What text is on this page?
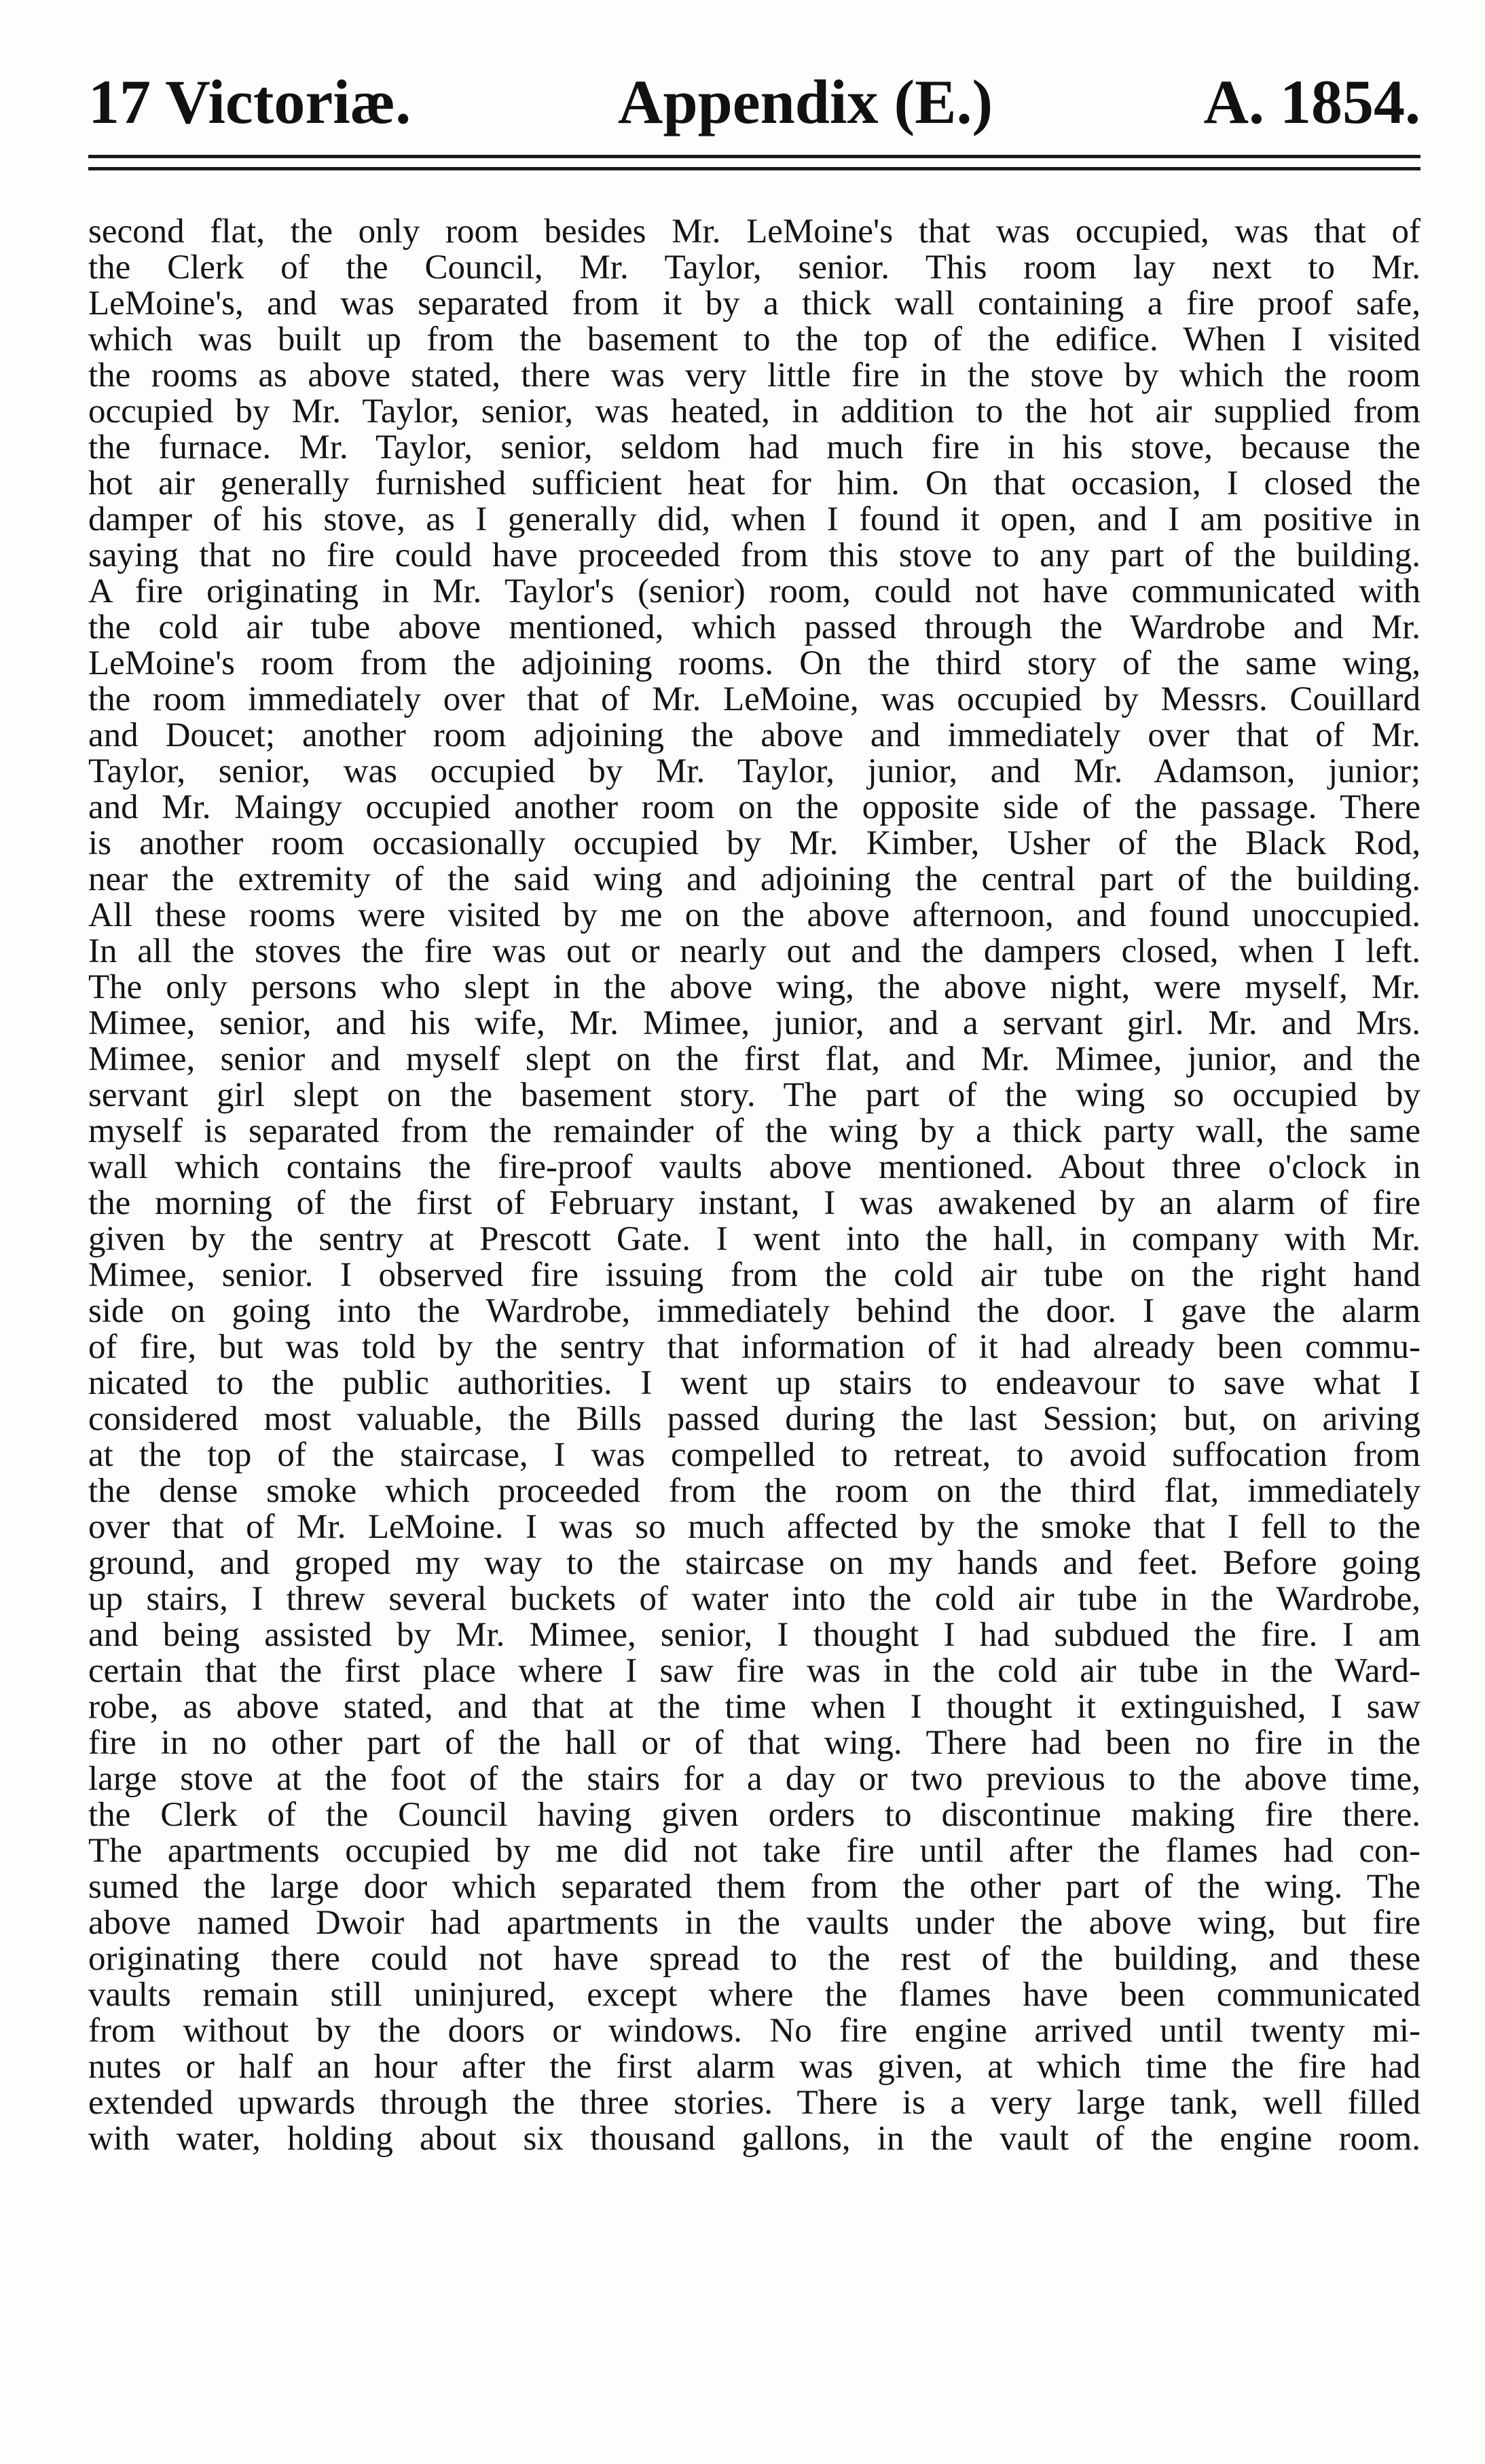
17 Victoriæ.	Appendix (E.)	A. 1854.
second flat, the only room besides Mr. LeMoine's that was occupied, was that of
the Clerk of the Council, Mr. Taylor, senior. This room lay next to Mr.
LeMoine's, and was separated from it by a thick wall containing a fire proof safe,
which was built up from the basement to the top of the edifice. When I visited
the rooms as above stated, there was very little fire in the stove by which the room
occupied by Mr. Taylor, senior, was heated, in addition to the hot air supplied from
the furnace. Mr. Taylor, senior, seldom had much fire in his stove, because the
hot air generally furnished sufficient heat for him. On that occasion, I closed the
damper of his stove, as I generally did, when I found it open, and I am positive in
saying that no fire could have proceeded from this stove to any part of the building.
A fire originating in Mr. Taylor's (senior) room, could not have communicated with
the cold air tube above mentioned, which passed through the Wardrobe and Mr.
LeMoine's room from the adjoining rooms. On the third story of the same wing,
the room immediately over that of Mr. LeMoine, was occupied by Messrs. Couillard
and Doucet; another room adjoining the above and immediately over that of Mr.
Taylor, senior, was occupied by Mr. Taylor, junior, and Mr. Adamson, junior;
and Mr. Maingy occupied another room on the opposite side of the passage. There
is another room occasionally occupied by Mr. Kimber, Usher of the Black Rod,
near the extremity of the said wing and adjoining the central part of the building.
All these rooms were visited by me on the above afternoon, and found unoccupied.
In all the stoves the fire was out or nearly out and the dampers closed, when I left.
The only persons who slept in the above wing, the above night, were myself, Mr.
Mimee, senior, and his wife, Mr. Mimee, junior, and a servant girl. Mr. and Mrs.
Mimee, senior and myself slept on the first flat, and Mr. Mimee, junior, and the
servant girl slept on the basement story. The part of the wing so occupied by
myself is separated from the remainder of the wing by a thick party wall, the same
wall which contains the fire-proof vaults above mentioned. About three o'clock in
the morning of the first of February instant, I was awakened by an alarm of fire
given by the sentry at Prescott Gate. I went into the hall, in company with Mr.
Mimee, senior. I observed fire issuing from the cold air tube on the right hand
side on going into the Wardrobe, immediately behind the door. I gave the alarm
of fire, but was told by the sentry that information of it had already been commu-
nicated to the public authorities. I went up stairs to endeavour to save what I
considered most valuable, the Bills passed during the last Session; but, on ariving
at the top of the staircase, I was compelled to retreat, to avoid suffocation from
the dense smoke which proceeded from the room on the third flat, immediately
over that of Mr. LeMoine. I was so much affected by the smoke that I fell to the
ground, and groped my way to the staircase on my hands and feet. Before going
up stairs, I threw several buckets of water into the cold air tube in the Wardrobe,
and being assisted by Mr. Mimee, senior, I thought I had subdued the fire. I am
certain that the first place where I saw fire was in the cold air tube in the Ward-
robe, as above stated, and that at the time when I thought it extinguished, I saw
fire in no other part of the hall or of that wing. There had been no fire in the
large stove at the foot of the stairs for a day or two previous to the above time,
the Clerk of the Council having given orders to discontinue making fire there.
The apartments occupied by me did not take fire until after the flames had con-
sumed the large door which separated them from the other part of the wing. The
above named Dwoir had apartments in the vaults under the above wing, but fire
originating there could not have spread to the rest of the building, and these
vaults remain still uninjured, except where the flames have been communicated
from without by the doors or windows. No fire engine arrived until twenty mi-
nutes or half an hour after the first alarm was given, at which time the fire had
extended upwards through the three stories. There is a very large tank, well filled
with water, holding about six thousand gallons, in the vault of the engine room.
